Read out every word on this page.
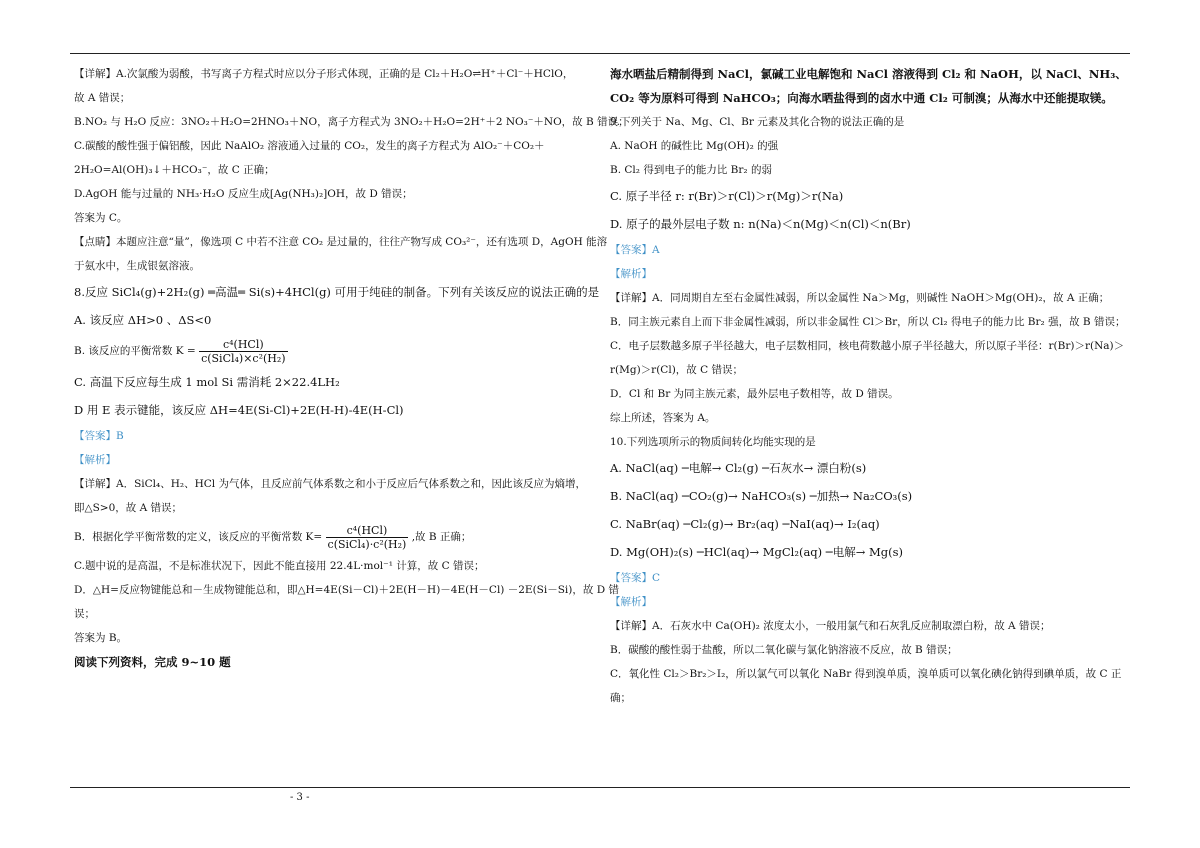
【详解】A.次氯酸为弱酸，书写离子方程式时应以分子形式体现，正确的是 Cl₂＋H₂O⇌H⁺＋Cl⁻＋HClO，

故 A 错误；

B.NO₂ 与 H₂O 反应：3NO₂＋H₂O=2HNO₃＋NO，离子方程式为 3NO₂＋H₂O=2H⁺＋2 NO₃⁻＋NO，故 B 错误；

C.碳酸的酸性强于偏铝酸，因此 NaAlO₂ 溶液通入过量的 CO₂，发生的离子方程式为 AlO₂⁻＋CO₂＋

2H₂O=Al(OH)₃↓＋HCO₃⁻，故 C 正确；

D.AgOH 能与过量的 NH₃·H₂O 反应生成[Ag(NH₃)₂]OH，故 D 错误；

答案为 C。

【点睛】本题应注意“量”，像选项 C 中若不注意 CO₂ 是过量的，往往产物写成 CO₃²⁻，还有选项 D，AgOH 能溶

于氨水中，生成银氨溶液。

8.反应 SiCl₄(g)+2H₂(g) ═高温═ Si(s)+4HCl(g) 可用于纯硅的制备。下列有关该反应的说法正确的是

A. 该反应 ΔH>0 、ΔS<0

B. 该反应的平衡常数 $K = \frac{\text{c⁴(HCl)}}{\text{c(SiCl₄)×c²(H₂)}}$

C. 高温下反应每生成 1 mol Si 需消耗 2×22.4LH₂

D 用 E 表示键能，该反应 ΔH=4E(Si-Cl)+2E(H-H)-4E(H-Cl)

【答案】B

【解析】

【详解】A．SiCl₄、H₂、HCl 为气体，且反应前气体系数之和小于反应后气体系数之和，因此该反应为熵增，

即△S>0，故 A 错误；

B．根据化学平衡常数的定义，该反应的平衡常数 $K= \frac{\text{c⁴(HCl)}}{\text{c(SiCl₄)·c²(H₂)}}$ ,故 B 正确；

C.题中说的是高温，不是标准状况下，因此不能直接用 22.4L·mol⁻¹ 计算，故 C 错误；

D．△H=反应物键能总和－生成物键能总和，即△H=4E(Si－Cl)＋2E(H－H)－4E(H－Cl) －2E(Si－Si)，故 D 错

误；

答案为 B。

阅读下列资料，完成 9~10 题

海水晒盐后精制得到 NaCl，氯碱工业电解饱和 NaCl 溶液得到 Cl₂ 和 NaOH，以 NaCl、NH₃、

CO₂ 等为原料可得到 NaHCO₃；向海水晒盐得到的卤水中通 Cl₂ 可制溴；从海水中还能提取镁。

9.下列关于 Na、Mg、Cl、Br 元素及其化合物的说法正确的是

A. NaOH 的碱性比 Mg(OH)₂ 的强

B. Cl₂ 得到电子的能力比 Br₂ 的弱

C. 原子半径 r: r(Br)＞r(Cl)＞r(Mg)＞r(Na)

D. 原子的最外层电子数 n: n(Na)＜n(Mg)＜n(Cl)＜n(Br)

【答案】A

【解析】

【详解】A．同周期自左至右金属性减弱，所以金属性 Na＞Mg，则碱性 NaOH＞Mg(OH)₂，故 A 正确；

B．同主族元素自上而下非金属性减弱，所以非金属性 Cl＞Br，所以 Cl₂ 得电子的能力比 Br₂ 强，故 B 错误；

C．电子层数越多原子半径越大，电子层数相同，核电荷数越小原子半径越大，所以原子半径：r(Br)＞r(Na)＞

r(Mg)＞r(Cl)，故 C 错误；

D．Cl 和 Br 为同主族元素，最外层电子数相等，故 D 错误。

综上所述，答案为 A。

10.下列选项所示的物质间转化均能实现的是

A. NaCl(aq) ─电解→ Cl₂(g) ─石灰水→ 漂白粉(s)

B. NaCl(aq) ─CO₂(g)→ NaHCO₃(s) ─加热→ Na₂CO₃(s)

C. NaBr(aq) ─Cl₂(g)→ Br₂(aq) ─NaI(aq)→ I₂(aq)

D. Mg(OH)₂(s) ─HCl(aq)→ MgCl₂(aq) ─电解→ Mg(s)

【答案】C

【解析】

【详解】A．石灰水中 Ca(OH)₂ 浓度太小，一般用氯气和石灰乳反应制取漂白粉，故 A 错误；

B．碳酸的酸性弱于盐酸，所以二氧化碳与氯化钠溶液不反应，故 B 错误；

C．氧化性 Cl₂＞Br₂＞I₂，所以氯气可以氧化 NaBr 得到溴单质，溴单质可以氧化碘化钠得到碘单质，故 C 正

确；

- 3 -
